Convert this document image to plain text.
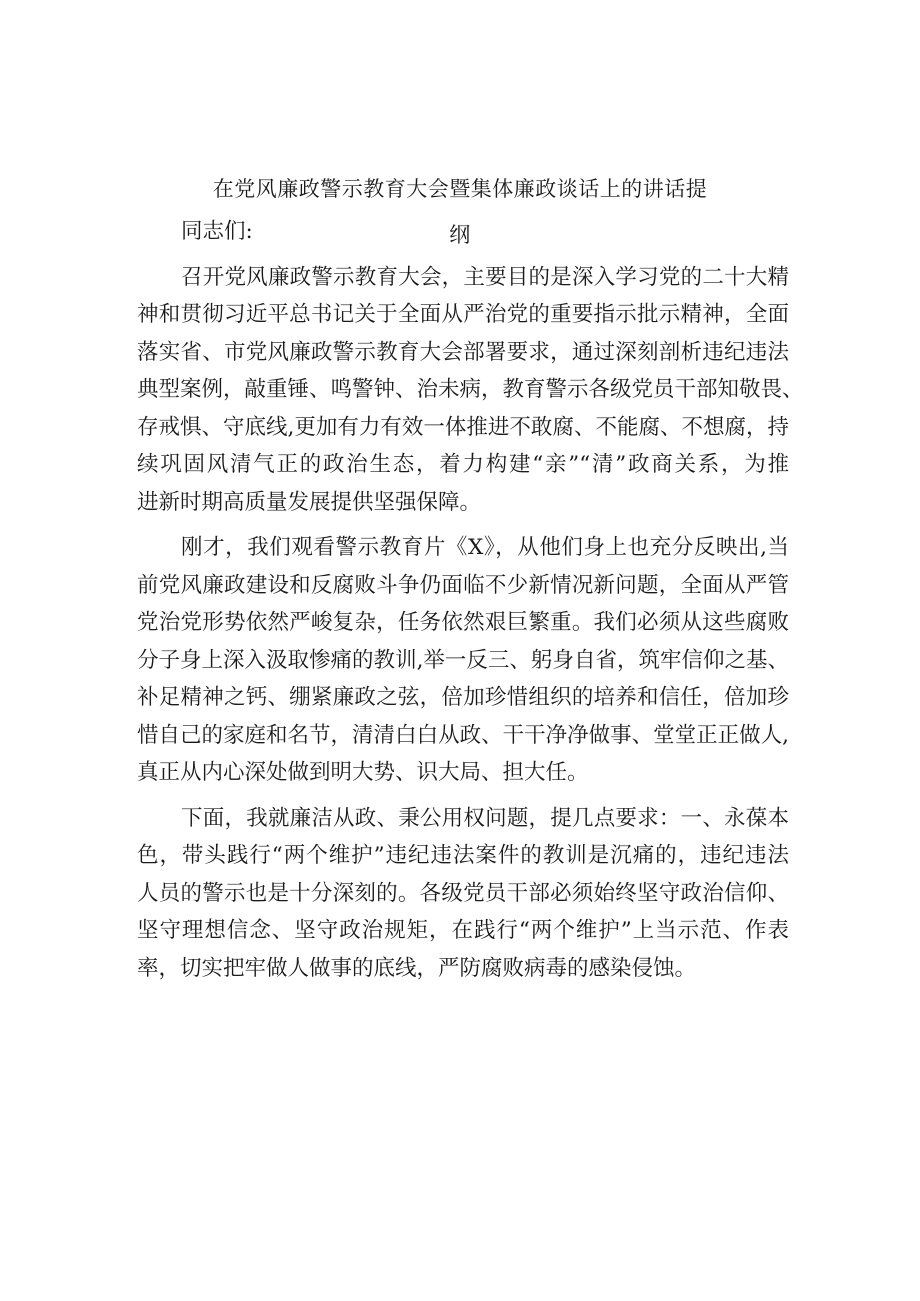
在党风廉政警示教育大会暨集体廉政谈话上的讲话提
纲

同志们:

召开党风廉政警示教育大会，主要目的是深入学习党的二十大精
神和贯彻习近平总书记关于全面从严治党的重要指示批示精神，全面
落实省、市党风廉政警示教育大会部署要求，通过深刻剖析违纪违法
典型案例，敲重锤、鸣警钟、治未病，教育警示各级党员干部知敬畏、
存戒惧、守底线,更加有力有效一体推进不敢腐、不能腐、不想腐，持
续巩固风清气正的政治生态，着力构建“亲”“清”政商关系，为推
进新时期高质量发展提供坚强保障。
刚才，我们观看警示教育片《X》，从他们身上也充分反映出,当
前党风廉政建设和反腐败斗争仍面临不少新情况新问题，全面从严管
党治党形势依然严峻复杂，任务依然艰巨繁重。我们必须从这些腐败
分子身上深入汲取惨痛的教训,举一反三、躬身自省，筑牢信仰之基、
补足精神之钙、绷紧廉政之弦，倍加珍惜组织的培养和信任，倍加珍
惜自己的家庭和名节，清清白白从政、干干净净做事、堂堂正正做人,
真正从内心深处做到明大势、识大局、担大任。
下面，我就廉洁从政、秉公用权问题，提几点要求：一、永葆本
色，带头践行“两个维护”违纪违法案件的教训是沉痛的，违纪违法
人员的警示也是十分深刻的。各级党员干部必须始终坚守政治信仰、
坚守理想信念、坚守政治规矩，在践行“两个维护”上当示范、作表
率，切实把牢做人做事的底线，严防腐败病毒的感染侵蚀。
